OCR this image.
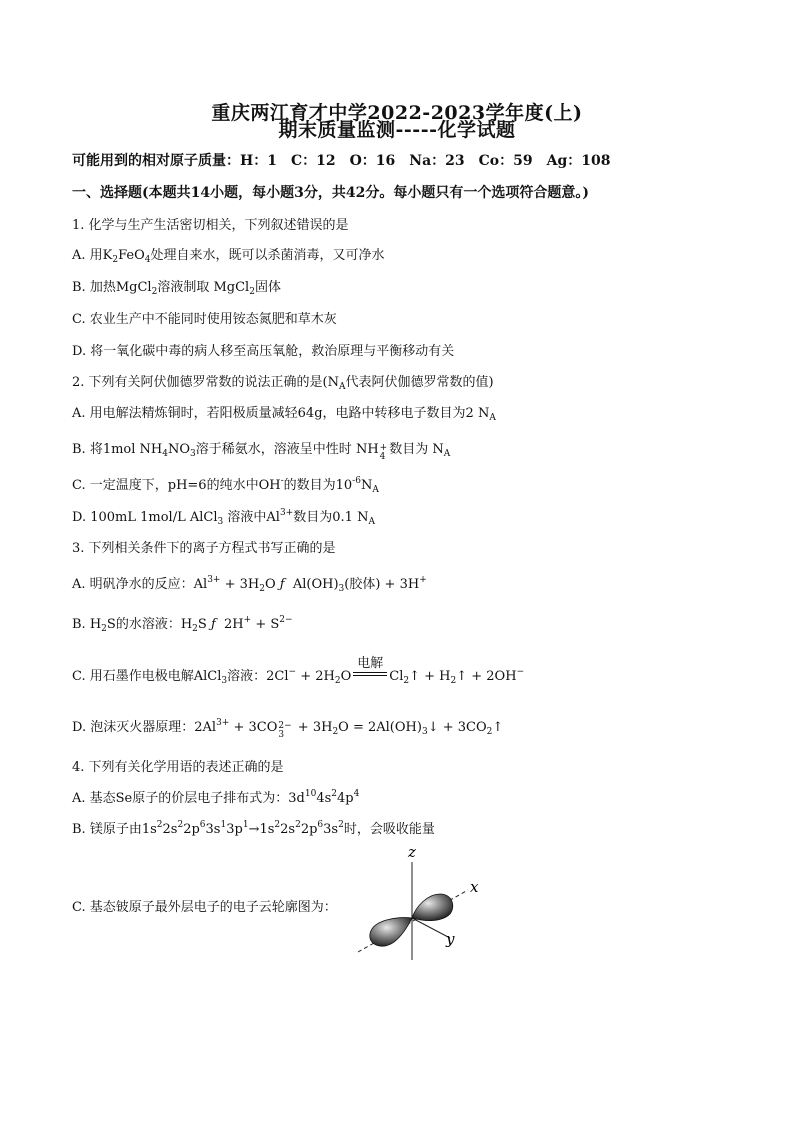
重庆两江育才中学2022-2023学年度(上)
期末质量监测-----化学试题
可能用到的相对原子质量：H：1　C：12　O：16　Na：23　Co：59　Ag：108
一、选择题(本题共14小题，每小题3分，共42分。每小题只有一个选项符合题意。)
1. 化学与生产生活密切相关，下列叙述错误的是
A. 用$K_2FeO_4$处理自来水，既可以杀菌消毒，又可净水
B. 加热MgCl$_2$溶液制取 MgCl$_2$固体
C. 农业生产中不能同时使用铵态氮肥和草木灰
D. 将一氧化碳中毒的病人移至高压氧舱，救治原理与平衡移动有关
2. 下列有关阿伏伽德罗常数的说法正确的是($N_A$代表阿伏伽德罗常数的值)
A. 用电解法精炼铜时，若阳极质量减轻64g，电路中转移电子数目为2 $N_A$
B. 将1mol $NH_4NO_3$溶于稀氨水，溶液呈中性时 NH+
4 数目为 $N_A$
C. 一定温度下，pH=6的纯水中OH-的数目为$10^{-6}N_A$
D. 100mL 1mol/L AlCl$_3$ 溶液中$Al^{3+}$数目为0.1 $N_A$
3. 下列相关条件下的离子方程式书写正确的是
A. 明矾净水的反应：$Al^{3+} + 3H_2O$ ƒ  $Al(OH)_3$(胶体) + 3H+
B. $H_2S$的水溶液：$H_2S$ ƒ  $2H^+ + S^{2-}$
C. 用石墨作电极电解AlCl$_3$溶液：$2Cl^- + 2H_2O$
电解
$Cl_2↑$ + $H_2↑ + 2OH^-$
D. 泡沫灭火器原理：$2Al^{3+} + 3CO2-$
$3 + 3H_2O$ = $2Al(OH)_3↓$ + $3CO_2↑$
4. 下列有关化学用语的表述正确的是
A. 基态Se原子的价层电子排布式为：$3d^{10}4s^24p^4$
B. 镁原子由$1s^22s^22p^63s^13p^1\to 1s^22s^22p^63s^2$时，会吸收能量
C. 基态铍原子最外层电子的电子云轮廓图为：
z
x
y
